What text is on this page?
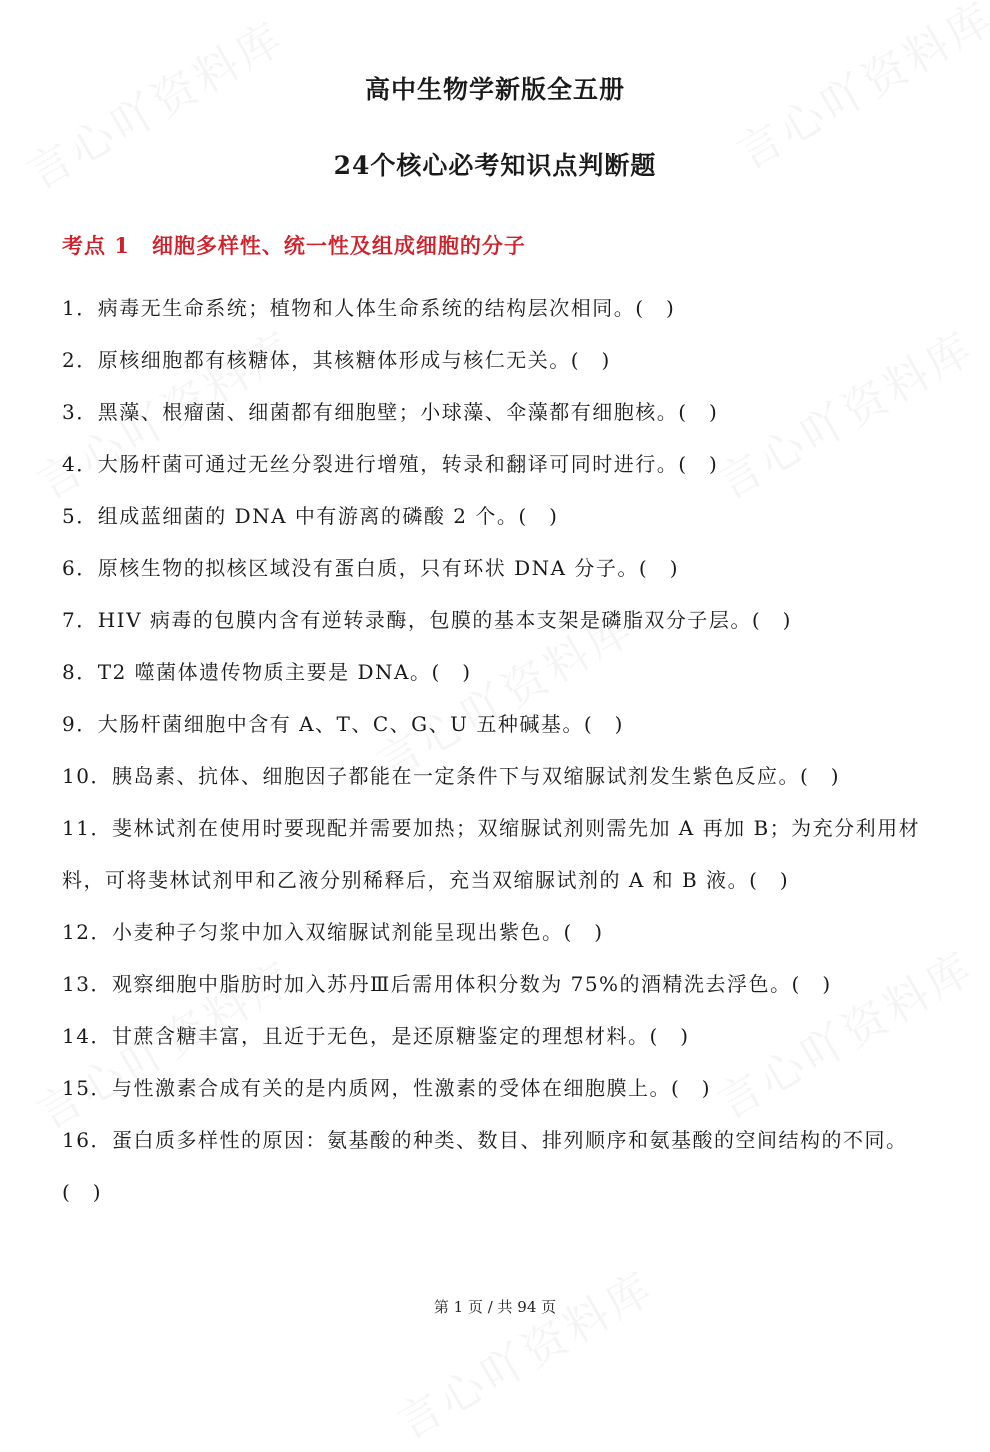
高中生物学新版全五册
24个核心必考知识点判断题
考点 1 细胞多样性、统一性及组成细胞的分子

1．病毒无生命系统；植物和人体生命系统的结构层次相同。(　)

2．原核细胞都有核糖体，其核糖体形成与核仁无关。(　)

3．黑藻、根瘤菌、细菌都有细胞壁；小球藻、伞藻都有细胞核。(　)

4．大肠杆菌可通过无丝分裂进行增殖，转录和翻译可同时进行。(　)

5．组成蓝细菌的 DNA 中有游离的磷酸 2 个。(　)

6．原核生物的拟核区域没有蛋白质，只有环状 DNA 分子。(　)

7．HIV 病毒的包膜内含有逆转录酶，包膜的基本支架是磷脂双分子层。(　)

8．T2 噬菌体遗传物质主要是 DNA。(　)

9．大肠杆菌细胞中含有 A、T、C、G、U 五种碱基。(　)

10．胰岛素、抗体、细胞因子都能在一定条件下与双缩脲试剂发生紫色反应。(　)

11．斐林试剂在使用时要现配并需要加热；双缩脲试剂则需先加 A 再加 B；为充分利用材料，可将斐林试剂甲和乙液分别稀释后，充当双缩脲试剂的 A 和 B 液。(　)

12．小麦种子匀浆中加入双缩脲试剂能呈现出紫色。(　)

13．观察细胞中脂肪时加入苏丹Ⅲ后需用体积分数为 75%的酒精洗去浮色。(　)

14．甘蔗含糖丰富，且近于无色，是还原糖鉴定的理想材料。(　)

15．与性激素合成有关的是内质网，性激素的受体在细胞膜上。(　)

16．蛋白质多样性的原因：氨基酸的种类、数目、排列顺序和氨基酸的空间结构的不同。(　)

第 1 页 / 共 94 页
